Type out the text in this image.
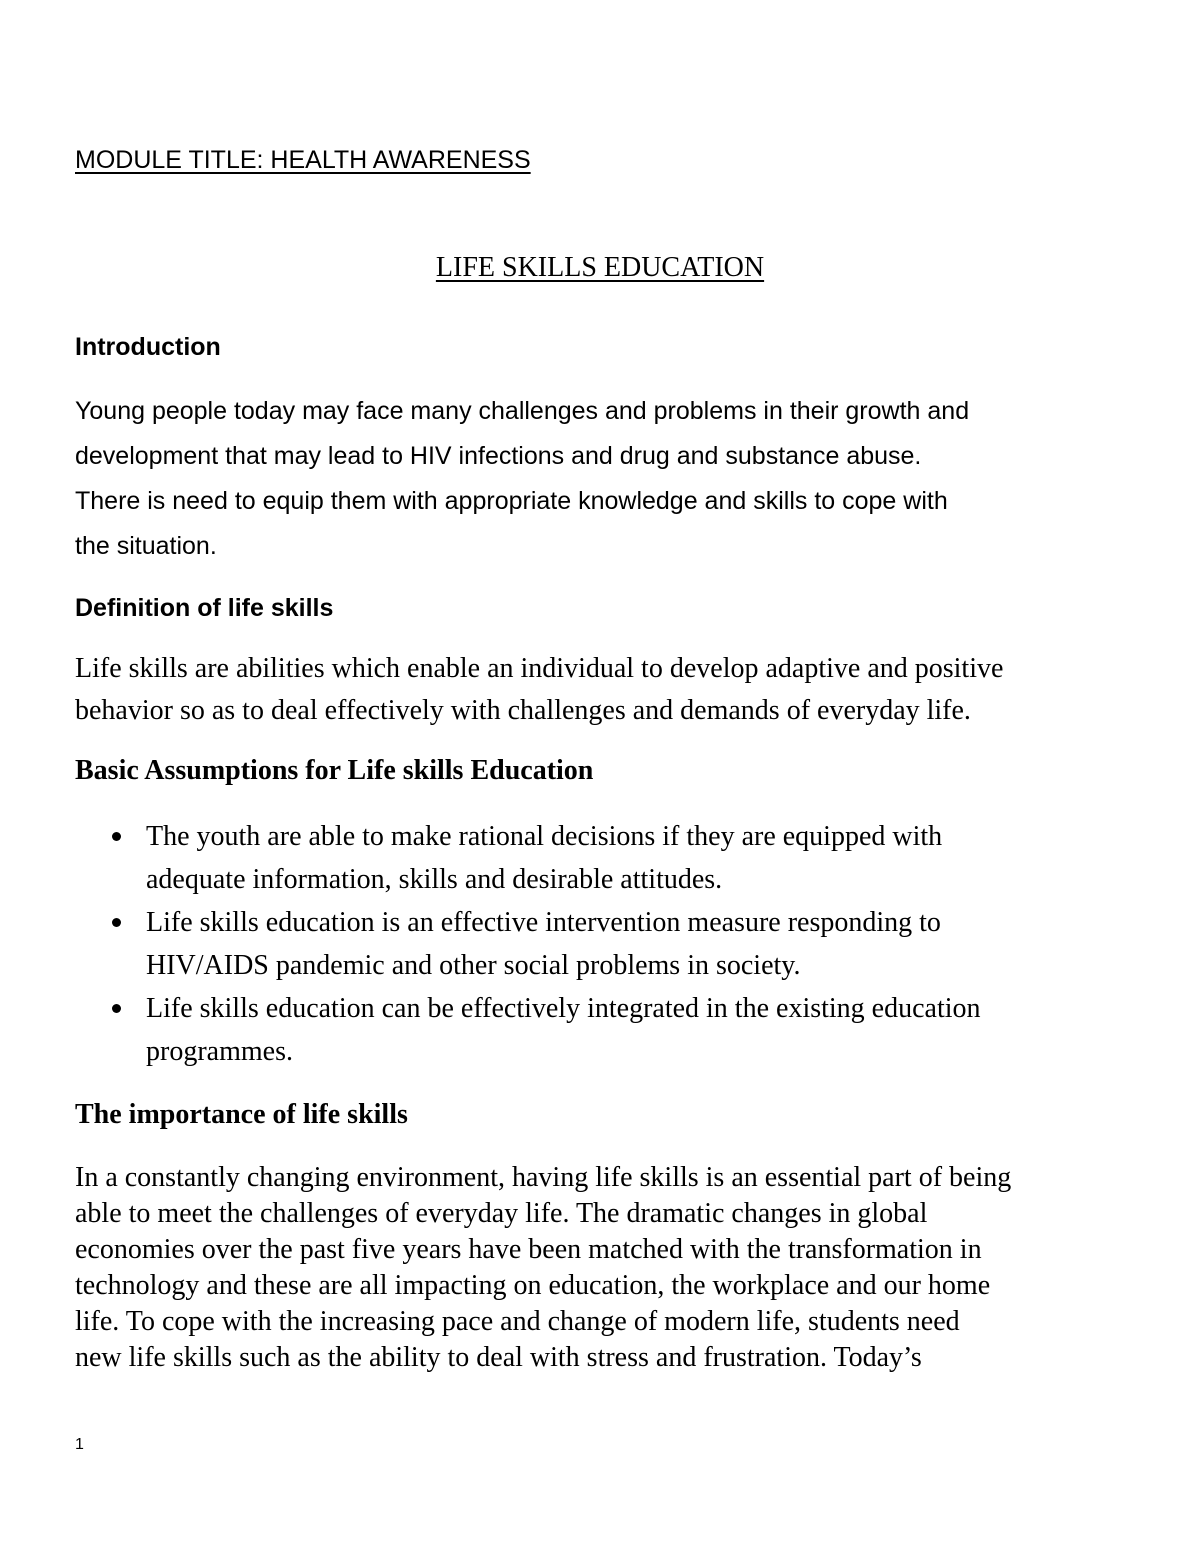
MODULE TITLE: HEALTH AWARENESS
LIFE SKILLS EDUCATION
Introduction
Young people today may face many challenges and problems in their growth and
development that may lead to HIV infections and drug and substance abuse.
There is need to equip them with appropriate knowledge and skills to cope with
the situation.
Definition of life skills
Life skills are abilities which enable an individual to develop adaptive and positive
behavior so as to deal effectively with challenges and demands of everyday life.
Basic Assumptions for Life skills Education
The youth are able to make rational decisions if they are equipped with
adequate information, skills and desirable attitudes.
Life skills education is an effective intervention measure responding to
HIV/AIDS pandemic and other social problems in society.
Life skills education can be effectively integrated in the existing education
programmes.
The importance of life skills
In a constantly changing environment, having life skills is an essential part of being
able to meet the challenges of everyday life. The dramatic changes in global
economies over the past five years have been matched with the transformation in
technology and these are all impacting on education, the workplace and our home
life. To cope with the increasing pace and change of modern life, students need
new life skills such as the ability to deal with stress and frustration. Today’s
1
